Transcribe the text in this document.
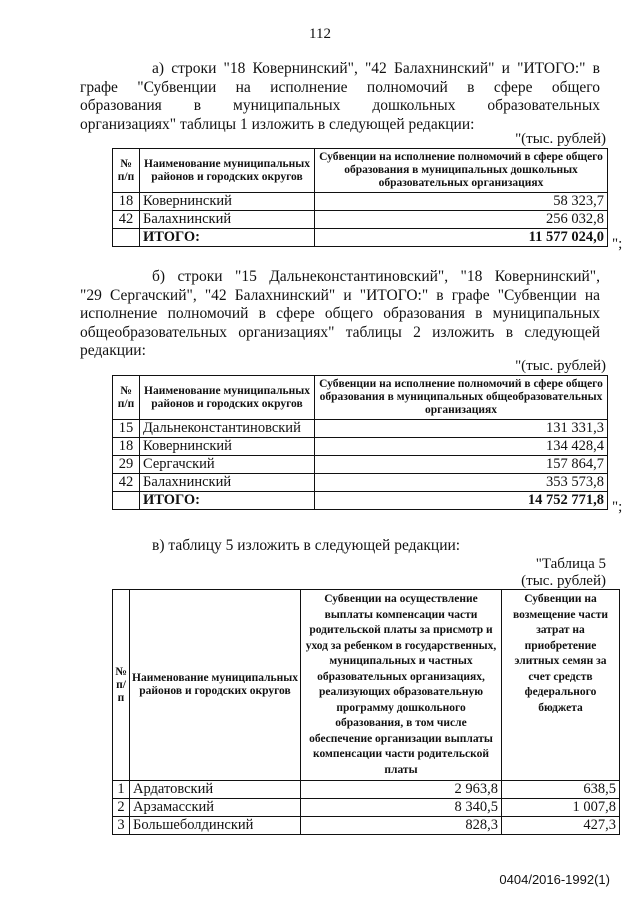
112
а) строки "18 Ковернинский", "42 Балахнинский" и "ИТОГО:" в
графе "Субвенции на исполнение полномочий в сфере общего
образования в муниципальных дошкольных образовательных
организациях" таблицы 1 изложить в следующей редакции:
"(тыс. рублей)
№ п/п	Наименование муниципальных районов и городских округов	Субвенции на исполнение полномочий в сфере общего образования в муниципальных дошкольных образовательных организациях
18	Ковернинский	58 323,7
42	Балахнинский	256 032,8
	ИТОГО:	11 577 024,0 ";
б) строки "15 Дальнеконстантиновский", "18 Ковернинский",
"29 Сергачский", "42 Балахнинский" и "ИТОГО:" в графе "Субвенции на
исполнение полномочий в сфере общего образования в муниципальных
общеобразовательных организациях" таблицы 2 изложить в следующей
редакции:
"(тыс. рублей)
№ п/п	Наименование муниципальных районов и городских округов	Субвенции на исполнение полномочий в сфере общего образования в муниципальных общеобразовательных организациях
15	Дальнеконстантиновский	131 331,3
18	Ковернинский	134 428,4
29	Сергачский	157 864,7
42	Балахнинский	353 573,8
	ИТОГО:	14 752 771,8 ";
в) таблицу 5 изложить в следующей редакции:
"Таблица 5
(тыс. рублей)
№ п/п	Наименование муниципальных районов и городских округов	Субвенции на осуществление выплаты компенсации части родительской платы за присмотр и уход за ребенком в государственных, муниципальных и частных образовательных организациях, реализующих образовательную программу дошкольного образования, в том числе обеспечение организации выплаты компенсации части родительской платы	Субвенции на возмещение части затрат на приобретение элитных семян за счет средств федерального бюджета
1	Ардатовский	2 963,8	638,5
2	Арзамасский	8 340,5	1 007,8
3	Большеболдинский	828,3	427,3
0404/2016-1992(1)
